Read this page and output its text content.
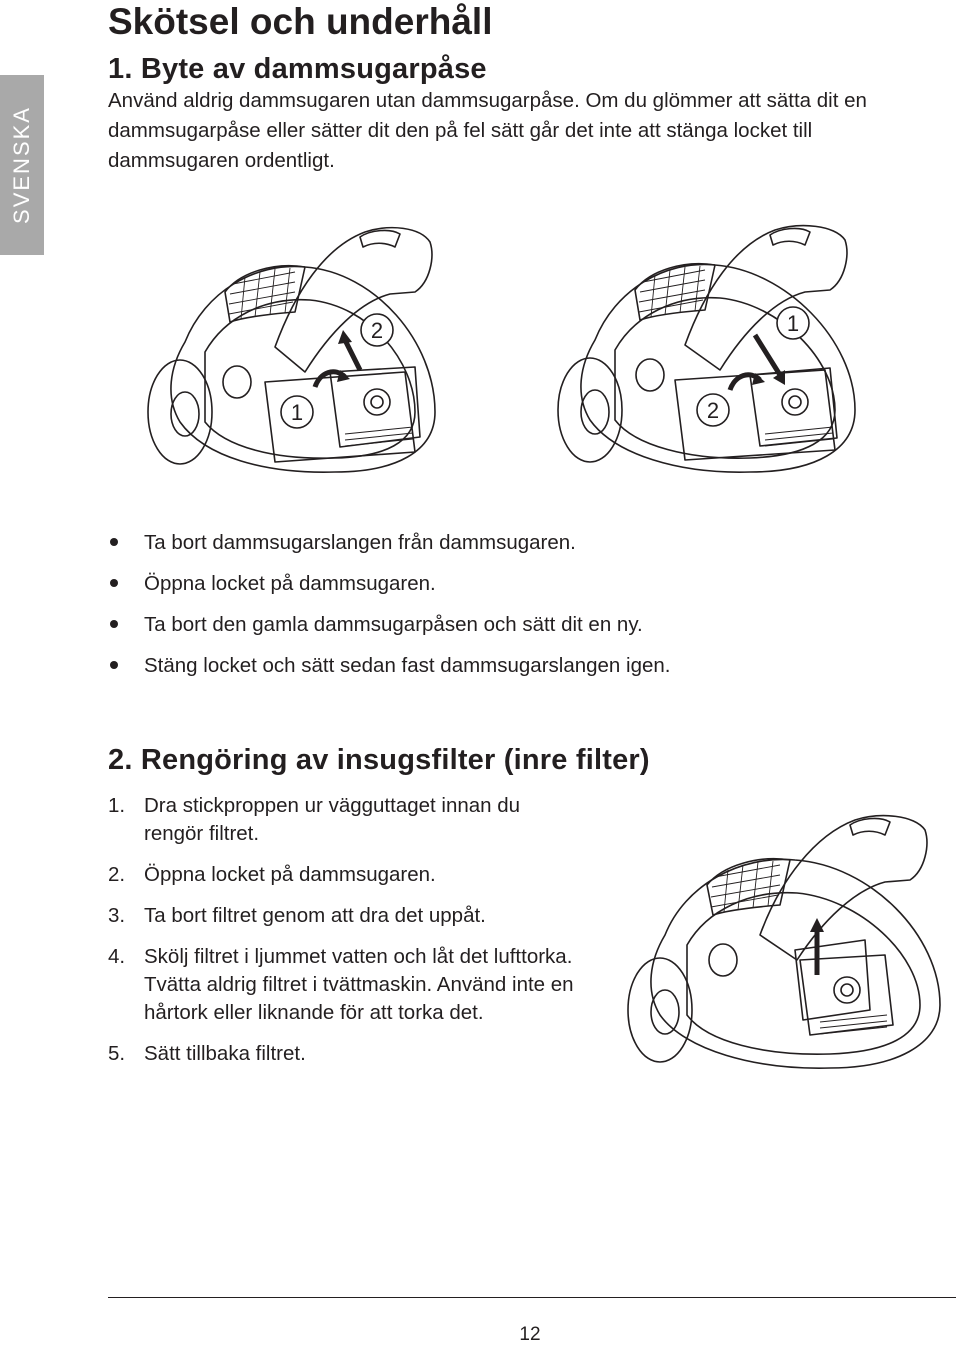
SVENSKA
Skötsel och underhåll
1. Byte av dammsugarpåse

Använd aldrig dammsugaren utan dammsugarpåse. Om du glömmer att sätta dit en dammsugarpåse eller sätter dit den på fel sätt går det inte att stänga locket till dammsugaren ordentligt.

1
2
2
1
Ta bort dammsugarslangen från dammsugaren.
Öppna locket på dammsugaren.
Ta bort den gamla dammsugarpåsen och sätt dit en ny.
Stäng locket och sätt sedan fast dammsugarslangen igen.
2. Rengöring av insugsfilter (inre filter)
1. Dra stickproppen ur vägguttaget innan du rengör filtret.
2. Öppna locket på dammsugaren.
3. Ta bort filtret genom att dra det uppåt.
4. Skölj filtret i ljummet vatten och låt det lufttorka. Tvätta aldrig filtret i tvättmaskin. Använd inte en hårtork eller liknande för att torka det.
5. Sätt tillbaka filtret.
12
